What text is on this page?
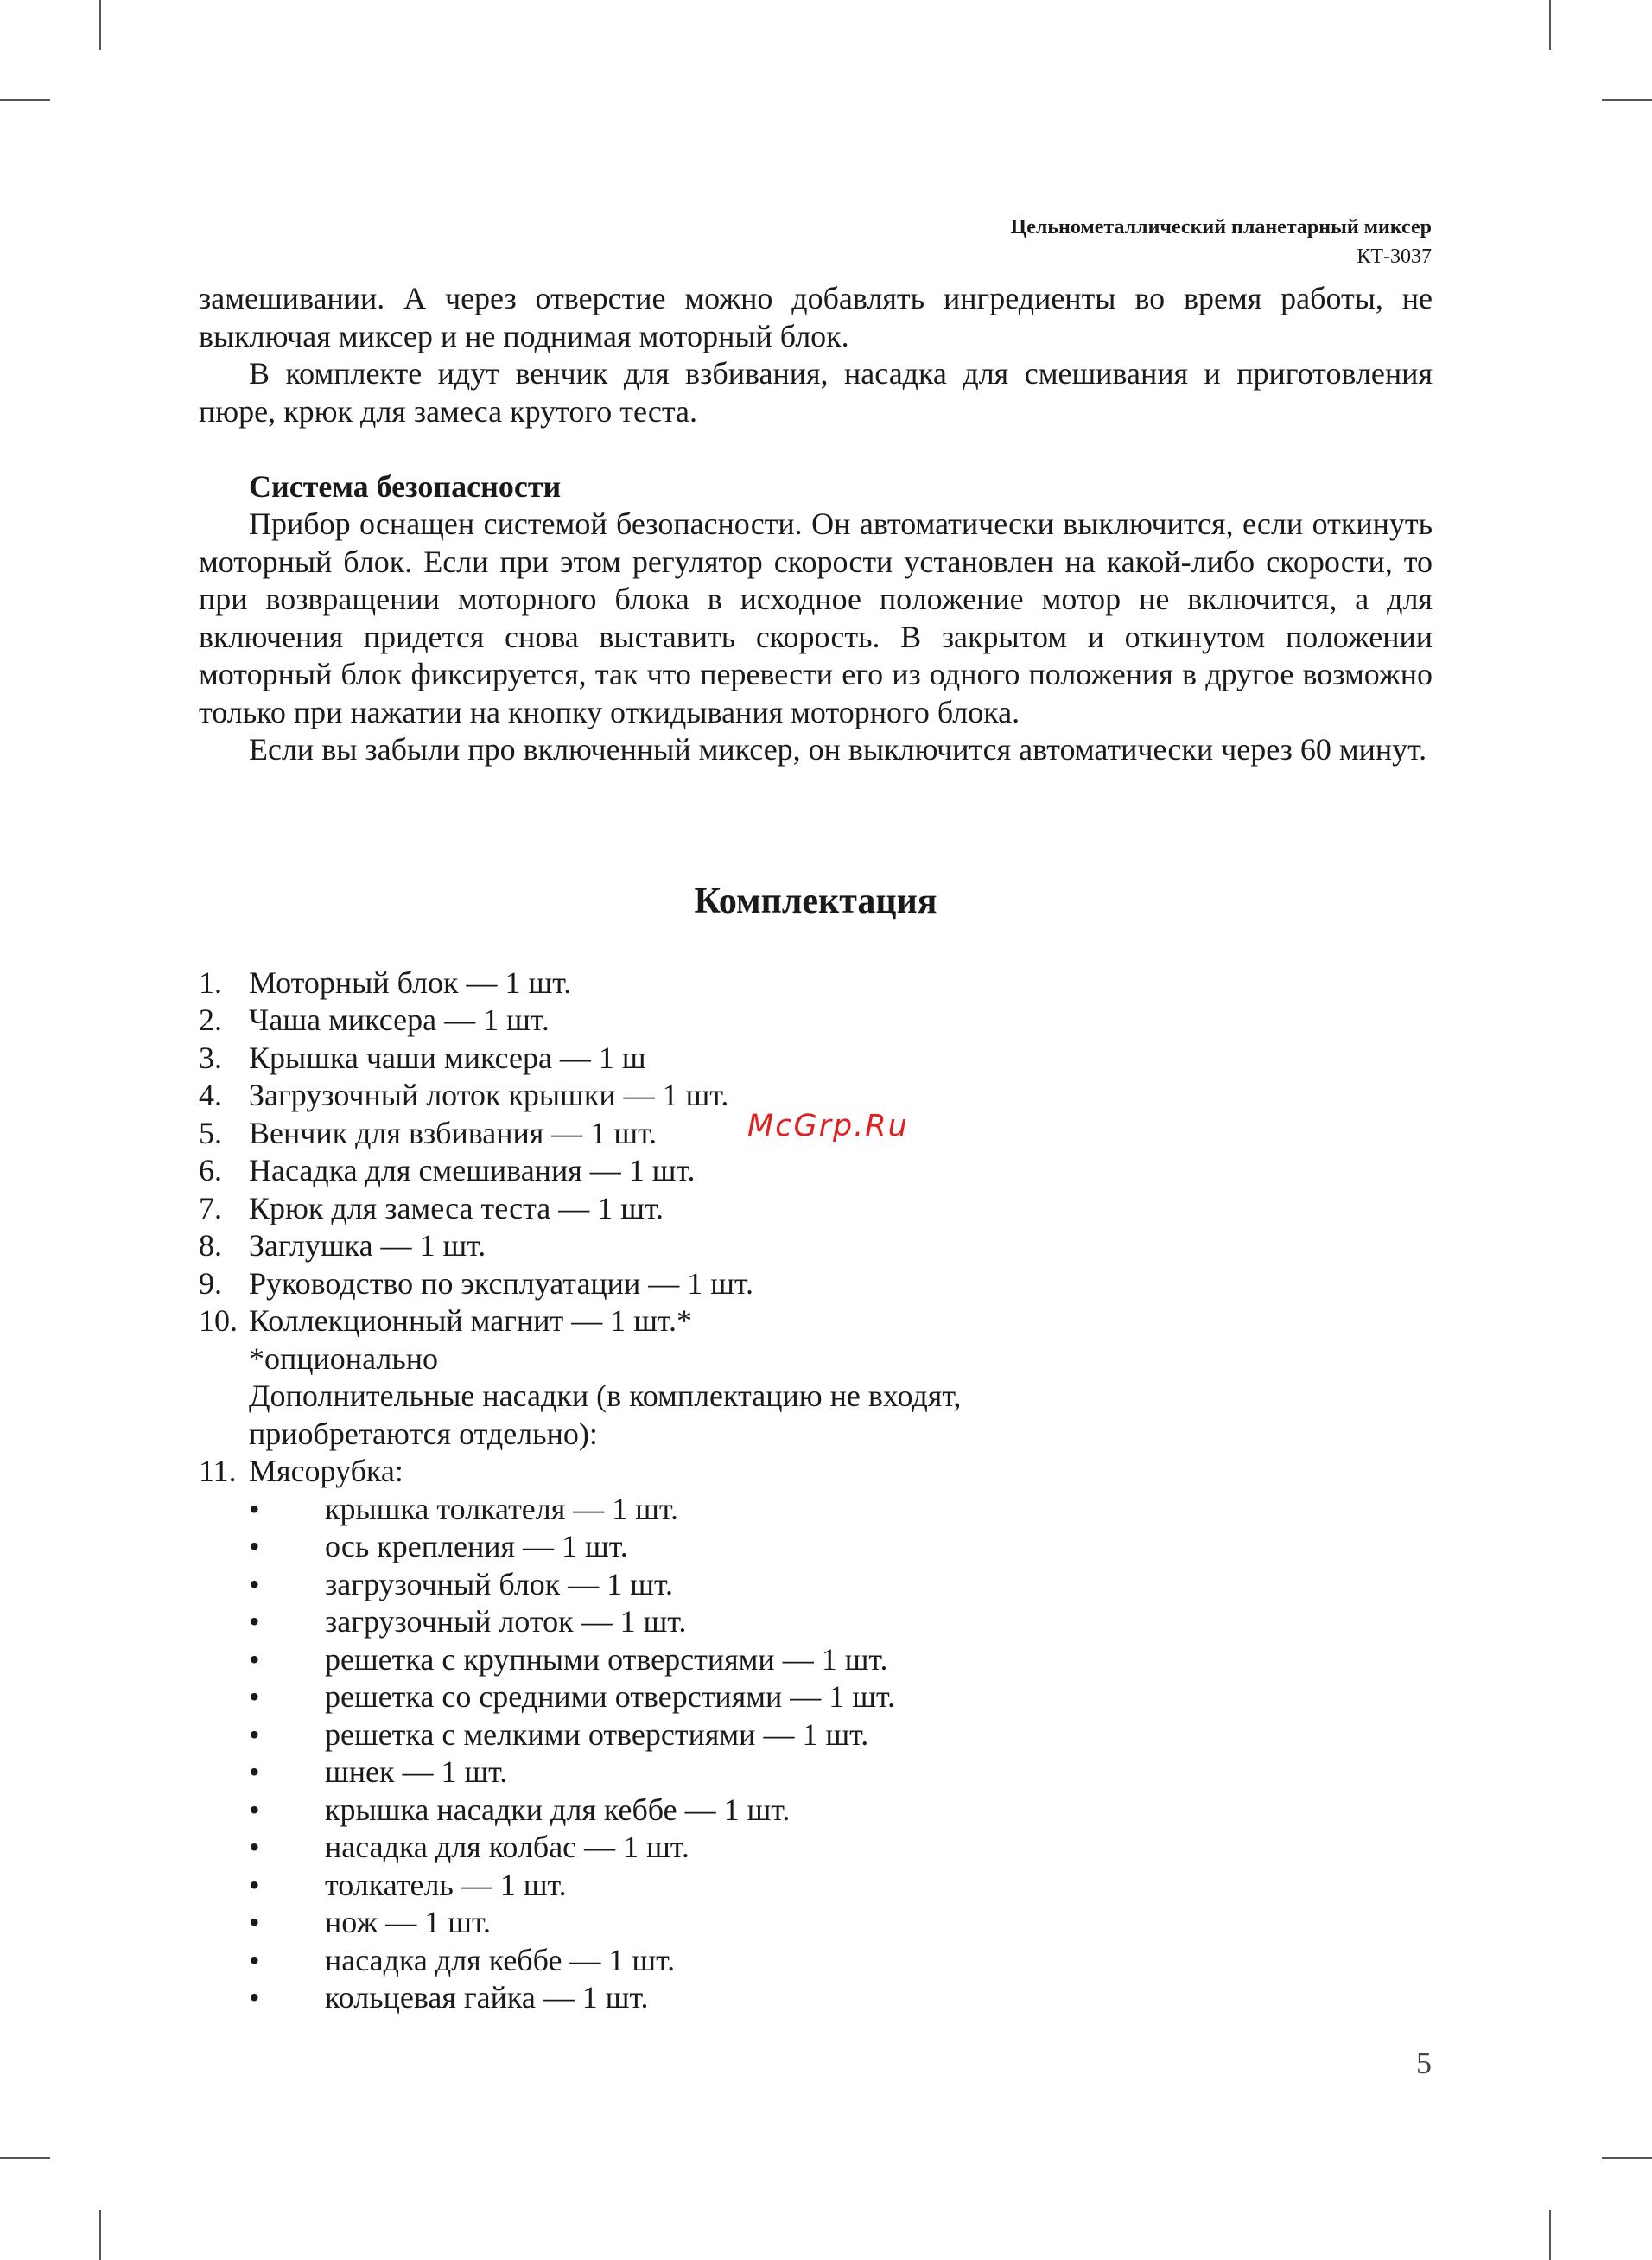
Цельнометаллический планетарный миксер
КТ-3037

замешивании. А через отверстие можно добавлять ингредиенты во время работы, не выключая миксер и не поднимая моторный блок.

В комплекте идут венчик для взбивания, насадка для смешивания и приготовления пюре, крюк для замеса крутого теста.

Система безопасности

Прибор оснащен системой безопасности. Он автоматически выключится, если откинуть моторный блок. Если при этом регулятор скорости установлен на какой-либо скорости, то при возвращении моторного блока в исходное положение мотор не включится, а для включения придется снова выставить скорость. В закрытом и откинутом положении моторный блок фиксируется, так что перевести его из одного положения в другое возможно только при нажатии на кнопку откидывания моторного блока.

Если вы забыли про включенный миксер, он выключится автоматически через 60 минут.

Комплектация
1. Моторный блок — 1 шт.
2. Чаша миксера — 1 шт.
3. Крышка чаши миксера — 1 ш
4. Загрузочный лоток крышки — 1 шт.
5. Венчик для взбивания — 1 шт.
6. Насадка для смешивания — 1 шт.
7. Крюк для замеса теста — 1 шт.
8. Заглушка — 1 шт.
9. Руководство по эксплуатации — 1 шт.
10. Коллекционный магнит — 1 шт.*
*опционально
Дополнительные насадки (в комплектацию не входят,
приобретаются отдельно):
11. Мясорубка:
• крышка толкателя — 1 шт.
• ось крепления — 1 шт.
• загрузочный блок — 1 шт.
• загрузочный лоток — 1 шт.
• решетка с крупными отверстиями — 1 шт.
• решетка со средними отверстиями — 1 шт.
• решетка с мелкими отверстиями — 1 шт.
• шнек — 1 шт.
• крышка насадки для кеббе — 1 шт.
• насадка для колбас — 1 шт.
• толкатель — 1 шт.
• нож — 1 шт.
• насадка для кеббе — 1 шт.
• кольцевая гайка — 1 шт.
McGrp.Ru
5
